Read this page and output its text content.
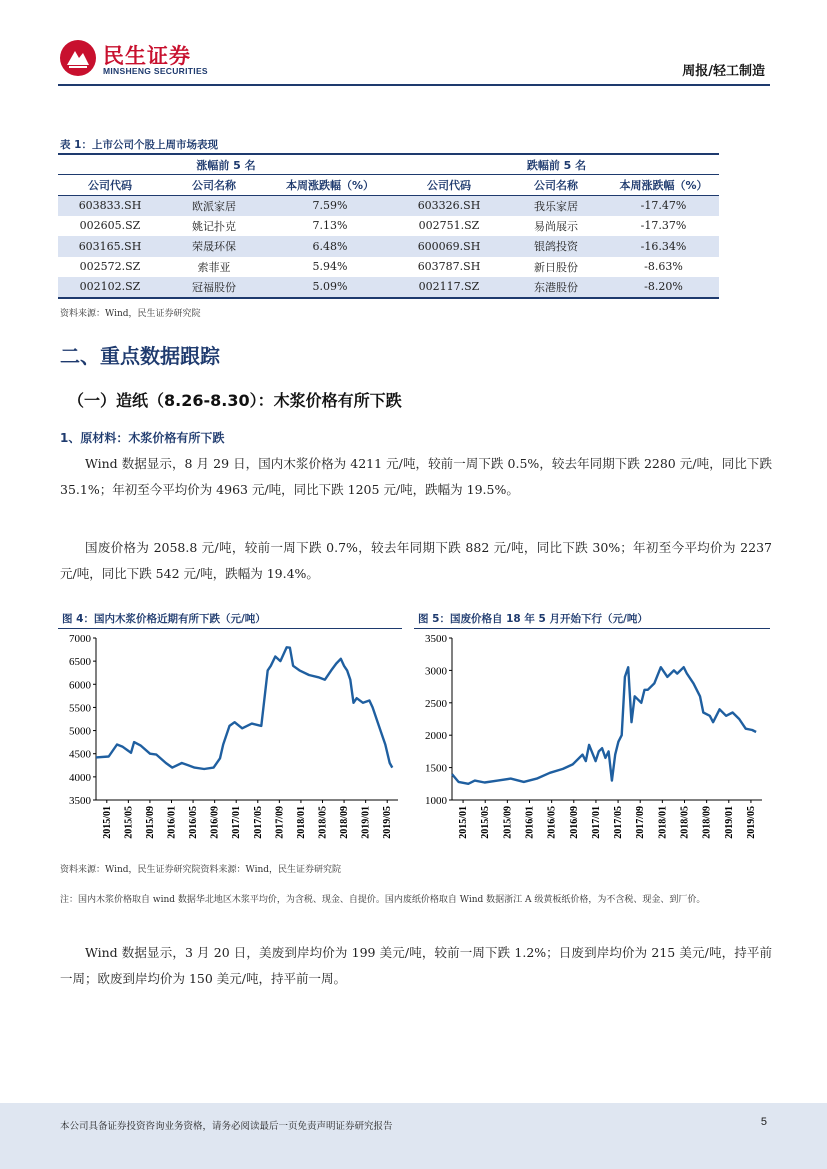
民生证券
MINSHENG SECURITIES	周报/轻工制造
表 1：上市公司个股上周市场表现
涨幅前 5 名			跌幅前 5 名		
公司代码	公司名称	本周涨跌幅（%）	公司代码	公司名称	本周涨跌幅（%）
603833.SH	欧派家居	7.59%	603326.SH	我乐家居	-17.47%
002605.SZ	姚记扑克	7.13%	002751.SZ	易尚展示	-17.37%
603165.SH	荣晟环保	6.48%	600069.SH	银鸽投资	-16.34%
002572.SZ	索菲亚	5.94%	603787.SH	新日股份	-8.63%
002102.SZ	冠福股份	5.09%	002117.SZ	东港股份	-8.20%
资料来源：Wind，民生证券研究院
二、重点数据跟踪
（一）造纸（8.26-8.30）：木浆价格有所下跌
1、原材料：木浆价格有所下跌
Wind 数据显示，8 月 29 日，国内木浆价格为 4211 元/吨，较前一周下跌 0.5%，较去年同期下跌 2280 元/吨，同比下跌 35.1%；年初至今平均价为 4963 元/吨，同比下跌 1205 元/吨，跌幅为 19.5%。
国废价格为 2058.8 元/吨，较前一周下跌 0.7%，较去年同期下跌 882 元/吨，同比下跌 30%；年初至今平均价为 2237 元/吨，同比下跌 542 元/吨，跌幅为 19.4%。
图 4：国内木浆价格近期有所下跌（元/吨）
3500
4000
4500
5000
5500
6000
6500
7000
2015/01 2015/05 2015/09 2016/01 2016/05 2016/09 2017/01 2017/05 2017/09 2018/01 2018/05 2018/09 2019/01 2019/05
图 5：国废价格自 18 年 5 月开始下行（元/吨）
1000
1500
2000
2500
3000
3500
2015/01 2015/05 2015/09 2016/01 2016/05 2016/09 2017/01 2017/05 2017/09 2018/01 2018/05 2018/09 2019/01 2019/05
资料来源：Wind，民生证券研究院资料来源：Wind，民生证券研究院
注：国内木浆价格取自 wind 数据华北地区木浆平均价，为含税、现金、自提价。国内废纸价格取自 Wind 数据浙江 A 级黄板纸价格，为不含税、现金、到厂价。
Wind 数据显示，3 月 20 日，美废到岸均价为 199 美元/吨，较前一周下跌 1.2%；日废到岸均价为 215 美元/吨，持平前一周；欧废到岸均价为 150 美元/吨，持平前一周。
本公司具备证券投资咨询业务资格，请务必阅读最后一页免责声明证券研究报告	5
